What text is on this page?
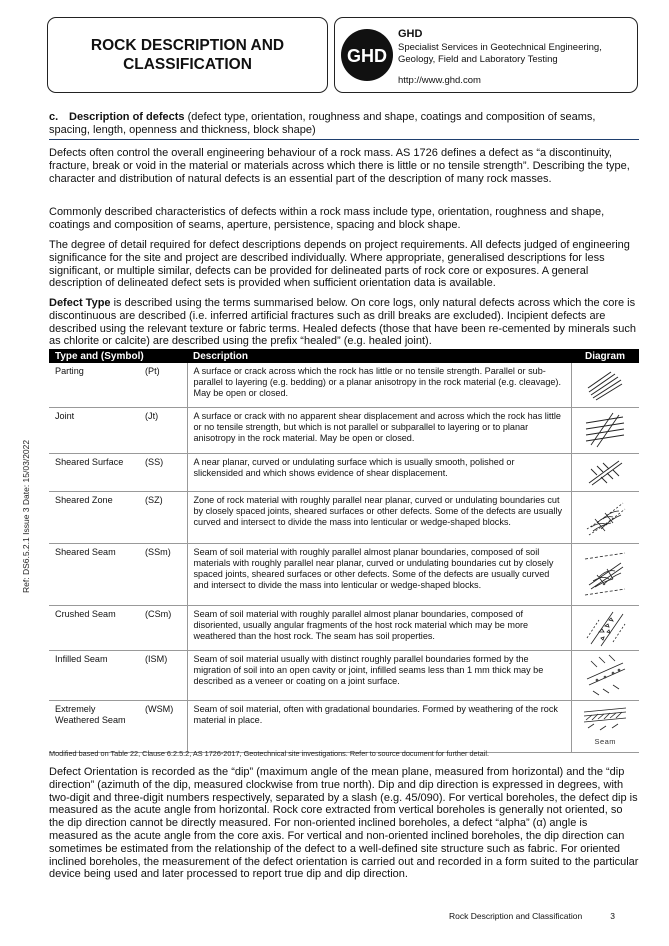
ROCK DESCRIPTION AND CLASSIFICATION	GHD
GHD
Specialist Services in Geotechnical Engineering, Geology, Field and Laboratory Testing
http://www.ghd.com
Ref: DS6.5.2.1 Issue 3 Date: 15/03/2022
c. Description of defects (defect type, orientation, roughness and shape, coatings and composition of seams, spacing, length, openness and thickness, block shape)

Defects often control the overall engineering behaviour of a rock mass. AS 1726 defines a defect as “a discontinuity, fracture, break or void in the material or materials across which there is little or no tensile strength”. Describing the type, character and distribution of natural defects is an essential part of the description of many rock masses.

Commonly described characteristics of defects within a rock mass include type, orientation, roughness and shape, coatings and composition of seams, aperture, persistence, spacing and block shape.

The degree of detail required for defect descriptions depends on project requirements. All defects judged of engineering significance for the site and project are described individually. Where appropriate, generalised descriptions for less significant, or multiple similar, defects can be provided for delineated parts of rock core or exposures. A general description of delineated defect sets is provided when sufficient orientation data is available.

Defect Type is described using the terms summarised below. On core logs, only natural defects across which the core is discontinuous are described (i.e. inferred artificial fractures such as drill breaks are excluded). Incipient defects are described using the relevant texture or fabric terms. Healed defects (those that have been re-cemented by minerals such as chlorite or calcite) are described using the prefix “healed” (e.g. healed joint).

Type and (Symbol)		Description	Diagram
Parting	(Pt)	A surface or crack across which the rock has little or no tensile strength. Parallel or sub-parallel to layering (e.g. bedding) or a planar anisotropy in the rock material (e.g. cleavage). May be open or closed.	

Joint	(Jt)	A surface or crack with no apparent shear displacement and across which the rock has little or no tensile strength, but which is not parallel or subparallel to layering or to planar anisotropy in the rock material. May be open or closed.	

Sheared Surface	(SS)	A near planar, curved or undulating surface which is usually smooth, polished or slickensided and which shows evidence of shear displacement.	

Sheared Zone	(SZ)	Zone of rock material with roughly parallel near planar, curved or undulating boundaries cut by closely spaced joints, sheared surfaces or other defects. Some of the defects are usually curved and intersect to divide the mass into lenticular or wedge-shaped blocks.	

Sheared Seam	(SSm)	Seam of soil material with roughly parallel almost planar boundaries, composed of soil materials with roughly parallel near planar, curved or undulating boundaries cut by closely spaced joints, sheared surfaces or other defects. Some of the defects are usually curved and intersect to divide the mass into lenticular or wedge-shaped blocks.	

Crushed Seam	(CSm)	Seam of soil material with roughly parallel almost planar boundaries, composed of disoriented, usually angular fragments of the host rock material which may be more weathered than the host rock. The seam has soil properties.	

Infilled Seam	(ISM)	Seam of soil material usually with distinct roughly parallel boundaries formed by the migration of soil into an open cavity or joint, infilled seams less than 1 mm thick may be described as a veneer or coating on a joint surface.	

Extremely Weathered Seam	(WSM)	Seam of soil material, often with gradational boundaries. Formed by weathering of the rock material in place.	Seam
Modified based on Table 22, Clause 6.2.5.2, AS 1726-2017, Geotechnical site investigations. Refer to source document for further detail.

Defect Orientation is recorded as the “dip” (maximum angle of the mean plane, measured from horizontal) and the “dip direction” (azimuth of the dip, measured clockwise from true north). Dip and dip direction is expressed in degrees, with two-digit and three-digit numbers respectively, separated by a slash (e.g. 45/090). For vertical boreholes, the defect dip is measured as the acute angle from horizontal. Rock core extracted from vertical boreholes is generally not oriented, so the dip direction cannot be directly measured. For non-oriented inclined boreholes, a defect “alpha” (α) angle is measured as the acute angle from the core axis. For vertical and non-oriented inclined boreholes, the dip direction can sometimes be estimated from the relationship of the defect to a well-defined site structure such as fabric. For oriented inclined boreholes, the measurement of the defect orientation is carried out and recorded in a form suited to the particular device being used and later processed to report true dip and dip direction.

Rock Description and Classification	3
